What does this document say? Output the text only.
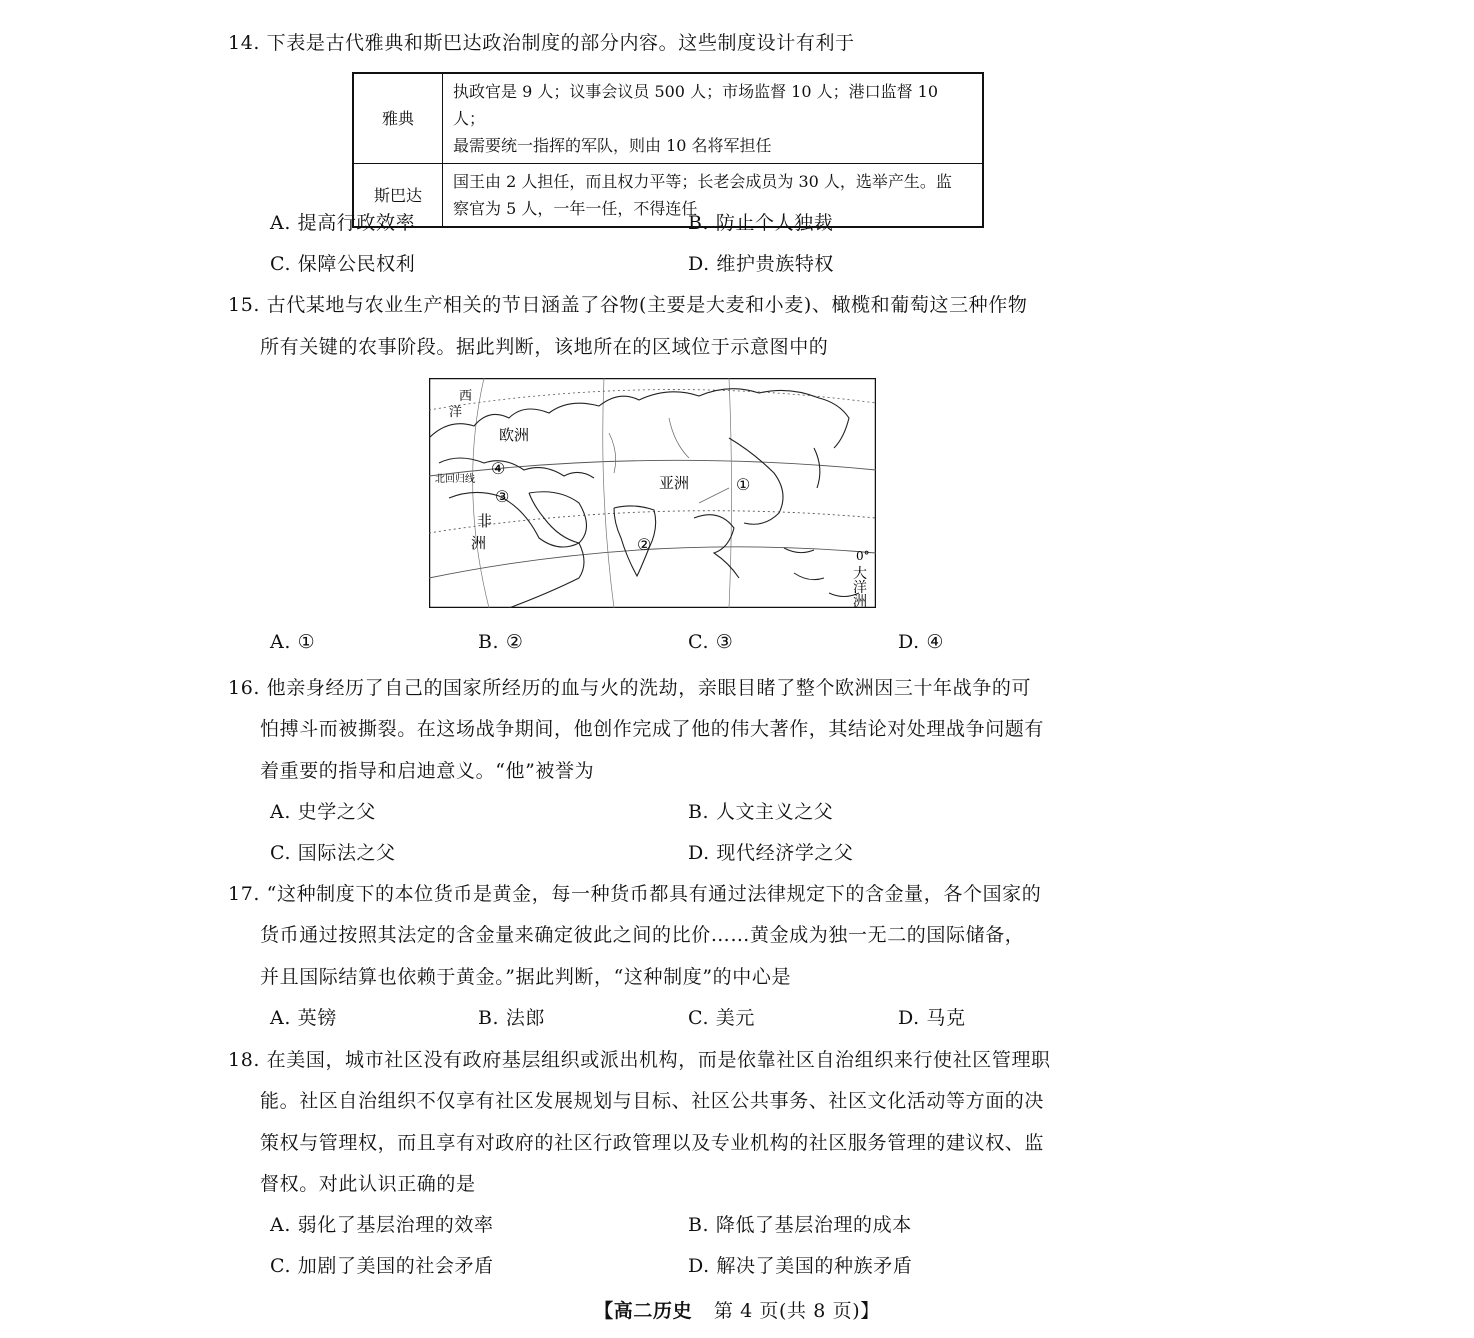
14. 下表是古代雅典和斯巴达政治制度的部分内容。这些制度设计有利于
雅典	执政官是 9 人；议事会议员 500 人；市场监督 10 人；港口监督 10 人；
最需要统一指挥的军队，则由 10 名将军担任

斯巴达	国王由 2 人担任，而且权力平等；长老会成员为 30 人，选举产生。监
察官为 5 人，一年一任，不得连任
A. 提高行政效率	B. 防止个人独裁
C. 保障公民权利	D. 维护贵族特权
15. 古代某地与农业生产相关的节日涵盖了谷物(主要是大麦和小麦)、橄榄和葡萄这三种作物
所有关键的农事阶段。据此判断，该地所在的区域位于示意图中的
西
洋
欧洲
亚洲
非
洲
北回归线
0°
大
洋
洲
①
②
③
④
A. ①	B. ②	C. ③	D. ④
16. 他亲身经历了自己的国家所经历的血与火的洗劫，亲眼目睹了整个欧洲因三十年战争的可
怕搏斗而被撕裂。在这场战争期间，他创作完成了他的伟大著作，其结论对处理战争问题有
着重要的指导和启迪意义。“他”被誉为
A. 史学之父	B. 人文主义之父
C. 国际法之父	D. 现代经济学之父
17. “这种制度下的本位货币是黄金，每一种货币都具有通过法律规定下的含金量，各个国家的
货币通过按照其法定的含金量来确定彼此之间的比价……黄金成为独一无二的国际储备，
并且国际结算也依赖于黄金。”据此判断，“这种制度”的中心是
A. 英镑	B. 法郎	C. 美元	D. 马克
18. 在美国，城市社区没有政府基层组织或派出机构，而是依靠社区自治组织来行使社区管理职
能。社区自治组织不仅享有社区发展规划与目标、社区公共事务、社区文化活动等方面的决
策权与管理权，而且享有对政府的社区行政管理以及专业机构的社区服务管理的建议权、监
督权。对此认识正确的是
A. 弱化了基层治理的效率	B. 降低了基层治理的成本
C. 加剧了美国的社会矛盾	D. 解决了美国的种族矛盾
【高二历史 第 4 页(共 8 页)】
